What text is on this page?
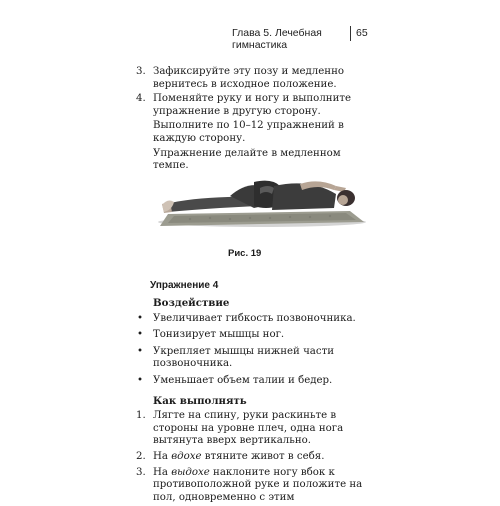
Глава 5. Лечебная гимнастика
65
3. Зафиксируйте эту позу и медленно вернитесь в исходное положение.
4. Поменяйте руку и ногу и выполните упражнение в другую сторону.
Выполните по 10–12 упражнений в каждую сторону.
Упражнение делайте в медленном темпе.
Рис. 19
Упражнение 4
Воздействие
• Увеличивает гибкость позвоночника.
• Тонизирует мышцы ног.
• Укрепляет мышцы нижней части позвоночника.
• Уменьшает объем талии и бедер.
Как выполнять
1. Лягте на спину, руки раскиньте в стороны на уровне плеч, одна нога вытянута вверх вертикально.
2. На вдохе втяните живот в себя.
3. На выдохе наклоните ногу вбок к противоположной руке и положите на пол, одновременно с этим
